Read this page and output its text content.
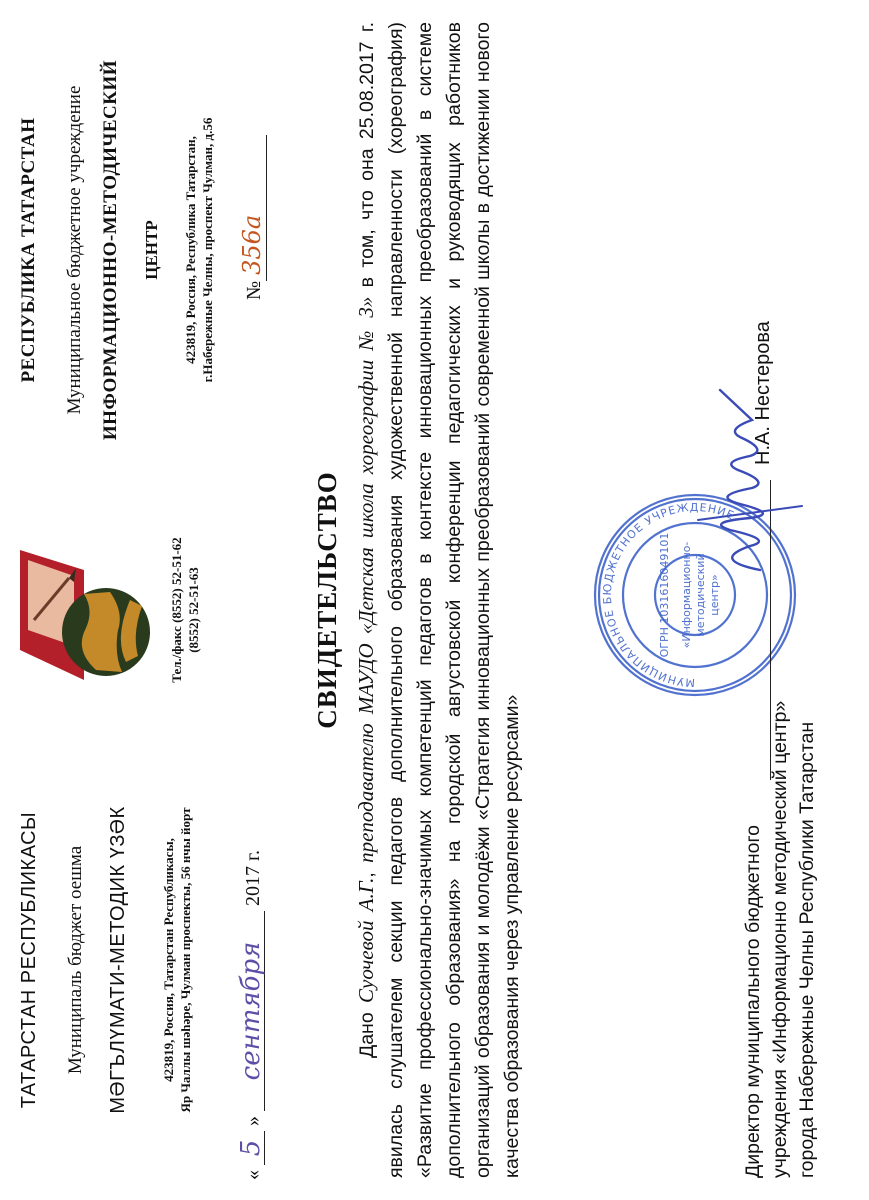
ТАТАРСТАН РЕСПУБЛИКАСЫ Муниципаль бюджет оешма МӘГЪЛҮМАТИ-МЕТОДИК ҮЗӘК 423819, Россия, Татарстан Республикасы, Яр Чаллы шәһәре, Чулман проспекты, 56 нчы йорт
Тел./факс (8552) 52-51-62 (8552) 52-51-63
РЕСПУБЛИКА ТАТАРСТАН Муниципальное бюджетное учреждение ИНФОРМАЦИОННО-МЕТОДИЧЕСКИЙ ЦЕНТР 423819, Россия, Республика Татарстан, г.Набережные Челны, проспект Чулман, д.56
« 5 » сентября 2017 г.
№356а
СВИДЕТЕЛЬСТВО
Дано Суочевой А.Г., преподавателю МАУДО «Детская школа хореографии № 3» в том, что она 25.08.2017 г. явилась слушателем секции педагогов дополнительного образования художественной направленности (хореография) «Развитие профессионально-значимых компетенций педагогов в контексте инновационных преобразований в системе дополнительного образования» на городской августовской конференции педагогических и руководящих работников организаций образования и молодёжи «Стратегия инновационных преобразований современной школы в достижении нового качества образования через управление ресурсами»
МУНИЦИПАЛЬНОЕ БЮДЖЕТНОЕ УЧРЕЖДЕНИЕ
ОГРН 1031616049101 «Информационно- методический центр»
Директор муниципального бюджетного учреждения «Информационно методический центр» города Набережные Челны Республики Татарстан
Н.А. Нестерова
